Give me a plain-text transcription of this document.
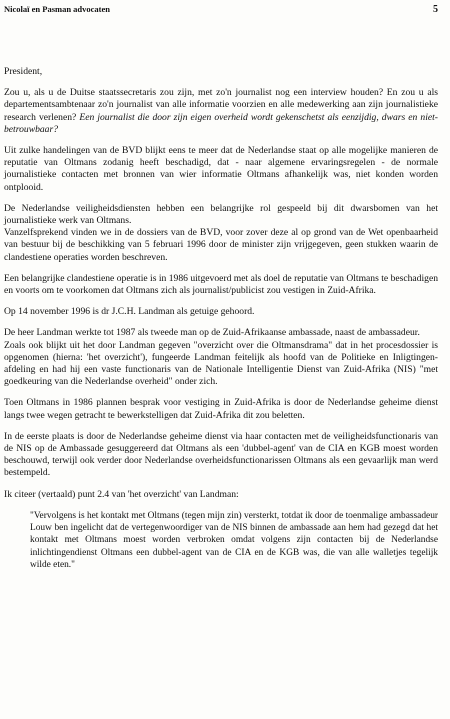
Nicolaï en Pasman advocaten	5

President,

Zou u, als u de Duitse staatssecretaris zou zijn, met zo'n journalist nog een interview houden? En zou u als departementsambtenaar zo'n journalist van alle informatie voorzien en alle medewerking aan zijn journalistieke research verlenen? Een journalist die door zijn eigen overheid wordt gekenschetst als eenzijdig, dwars en niet-betrouwbaar?

Uit zulke handelingen van de BVD blijkt eens te meer dat de Nederlandse staat op alle mogelijke manieren de reputatie van Oltmans zodanig heeft beschadigd, dat - naar algemene ervaringsregelen - de normale journalistieke contacten met bronnen van wier informatie Oltmans afhankelijk was, niet konden worden ontplooid.

De Nederlandse veiligheidsdiensten hebben een belangrijke rol gespeeld bij dit dwarsbomen van het journalistieke werk van Oltmans.

Vanzelfsprekend vinden we in de dossiers van de BVD, voor zover deze al op grond van de Wet openbaarheid van bestuur bij de beschikking van 5 februari 1996 door de minister zijn vrijgegeven, geen stukken waarin de clandestiene operaties worden beschreven.

Een belangrijke clandestiene operatie is in 1986 uitgevoerd met als doel de reputatie van Oltmans te beschadigen en voorts om te voorkomen dat Oltmans zich als journalist/publicist zou vestigen in Zuid-Afrika.

Op 14 november 1996 is dr J.C.H. Landman als getuige gehoord.

De heer Landman werkte tot 1987 als tweede man op de Zuid-Afrikaanse ambassade, naast de ambassadeur.

Zoals ook blijkt uit het door Landman gegeven "overzicht over die Oltmansdrama" dat in het procesdossier is opgenomen (hierna: 'het overzicht'), fungeerde Landman feitelijk als hoofd van de Politieke en Inligtingen-afdeling en had hij een vaste functionaris van de Nationale Intelligentie Dienst van Zuid-Afrika (NIS) "met goedkeuring van die Nederlandse overheid" onder zich.

Toen Oltmans in 1986 plannen besprak voor vestiging in Zuid-Afrika is door de Nederlandse geheime dienst langs twee wegen getracht te bewerkstelligen dat Zuid-Afrika dit zou beletten.

In de eerste plaats is door de Nederlandse geheime dienst via haar contacten met de veiligheidsfunctionaris van de NIS op de Ambassade gesuggereerd dat Oltmans als een 'dubbel-agent' van de CIA en KGB moest worden beschouwd, terwijl ook verder door Nederlandse overheidsfunctionarissen Oltmans als een gevaarlijk man werd bestempeld.

Ik citeer (vertaald) punt 2.4 van 'het overzicht' van Landman:

"Vervolgens is het kontakt met Oltmans (tegen mijn zin) versterkt, totdat ik door de toenmalige ambassadeur Louw ben ingelicht dat de vertegenwoordiger van de NIS binnen de ambassade aan hem had gezegd dat het kontakt met Oltmans moest worden verbroken omdat volgens zijn contacten bij de Nederlandse inlichtingendienst Oltmans een dubbel-agent van de CIA en de KGB was, die van alle walletjes tegelijk wilde eten."
